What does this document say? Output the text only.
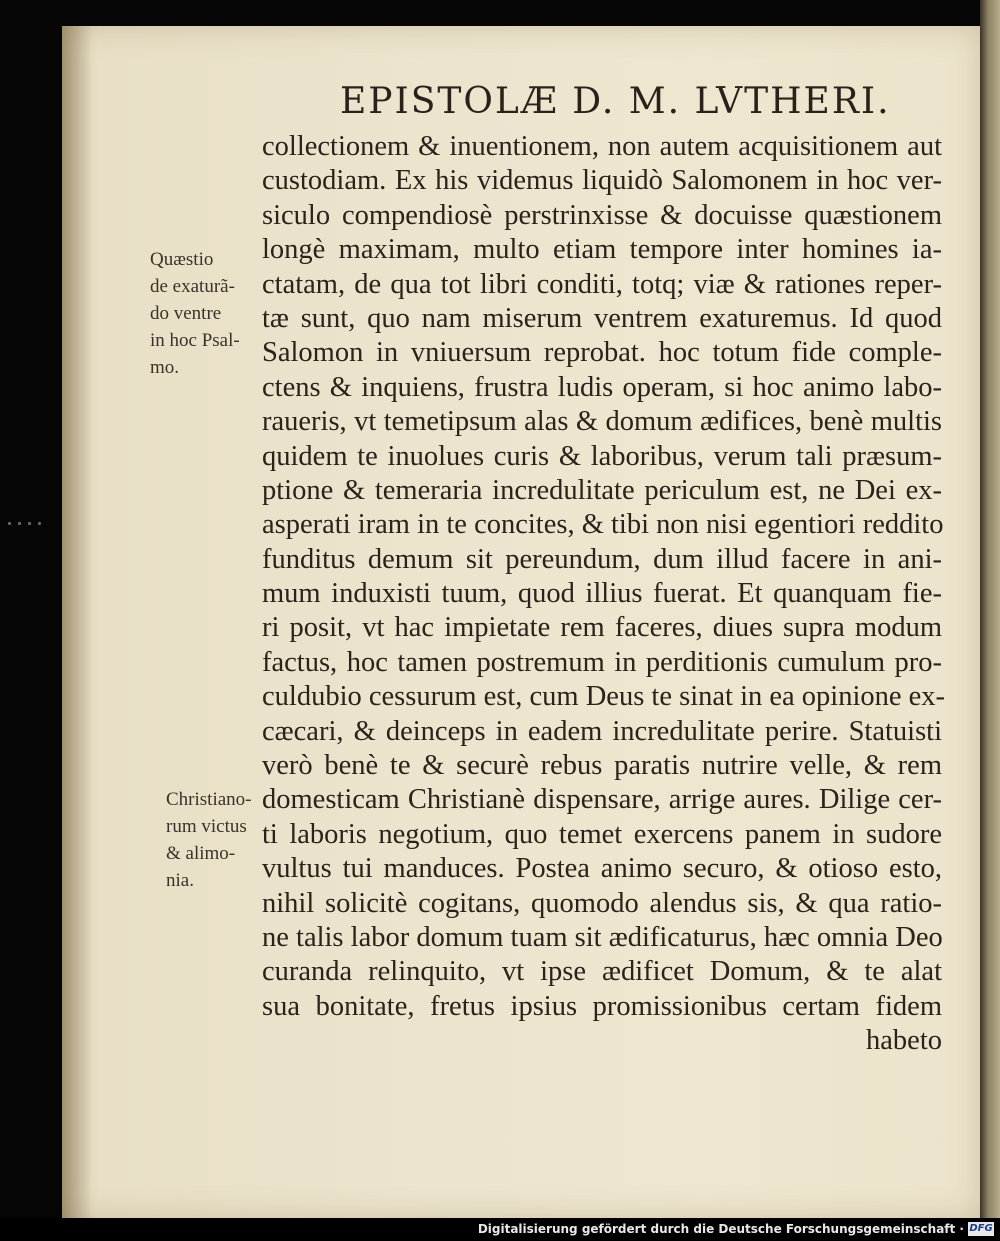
EPISTOLÆ D. M. LVTHERI.
collectionem & inuentionem, non autem acquisitionem aut
custodiam. Ex his videmus liquidò Salomonem in hoc ver-
siculo compendiosè perstrinxisse & docuisse quæstionem
longè maximam, multo etiam tempore inter homines ia-
ctatam, de qua tot libri conditi, totq; viæ & rationes reper-
tæ sunt, quo nam miserum ventrem exaturemus. Id quod
Salomon in vniuersum reprobat. hoc totum fide comple-
ctens & inquiens, frustra ludis operam, si hoc animo labo-
raueris, vt temetipsum alas & domum ædifices, benè multis
quidem te inuolues curis & laboribus, verum tali præsum-
ptione & temeraria incredulitate periculum est, ne Dei ex-
asperati iram in te concites, & tibi non nisi egentiori reddito
funditus demum sit pereundum, dum illud facere in ani-
mum induxisti tuum, quod illius fuerat. Et quanquam fie-
ri posit, vt hac impietate rem faceres, diues supra modum
factus, hoc tamen postremum in perditionis cumulum pro-
culdubio cessurum est, cum Deus te sinat in ea opinione ex-
cæcari, & deinceps in eadem incredulitate perire. Statuisti
verò benè te & securè rebus paratis nutrire velle, & rem
domesticam Christianè dispensare, arrige aures. Dilige cer-
ti laboris negotium, quo temet exercens panem in sudore
vultus tui manduces. Postea animo securo, & otioso esto,
nihil solicitè cogitans, quomodo alendus sis, & qua ratio-
ne talis labor domum tuam sit ædificaturus, hæc omnia Deo
curanda relinquito, vt ipse ædificet Domum, & te alat
sua bonitate, fretus ipsius promissionibus certam fidem
habeto
Quæstio
de exaturã-
do ventre
in hoc Psal-
mo.
Christiano-
rum victus
& alimo-
nia.
Digitalisierung gefördert durch die Deutsche Forschungsgemeinschaft · DFG
